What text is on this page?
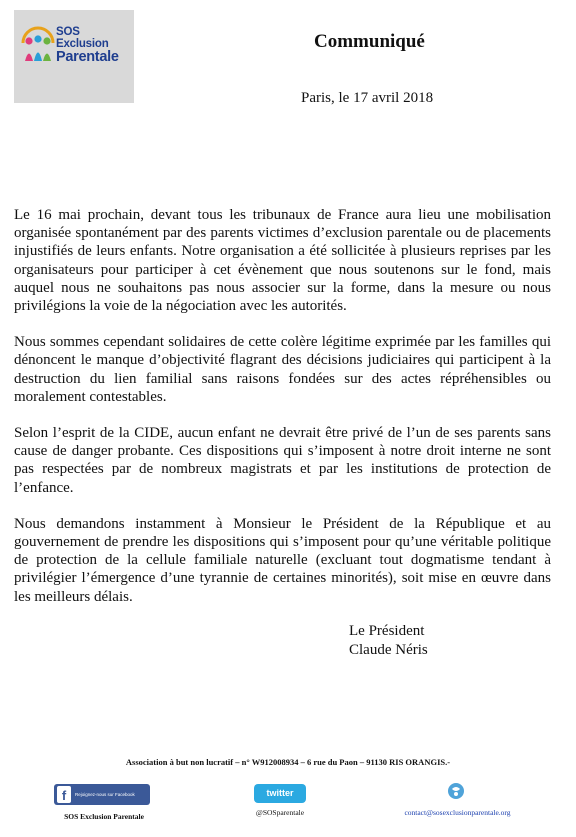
SOS
Exclusion
Parentale
Communiqué
Paris, le 17 avril 2018

Le 16 mai prochain, devant tous les tribunaux de France aura lieu une mobilisation organisée spontanément par des parents victimes d’exclusion parentale ou de placements injustifiés de leurs enfants. Notre organisation a été sollicitée à plusieurs reprises par les organisateurs pour participer à cet évènement que nous soutenons sur le fond, mais auquel nous ne souhaitons pas nous associer sur la forme, dans la mesure ou nous privilégions la voie de la négociation avec les autorités.

Nous sommes cependant solidaires de cette colère légitime exprimée par les familles qui dénoncent le manque d’objectivité flagrant des décisions judiciaires qui participent à la destruction du lien familial sans raisons fondées sur des actes répréhensibles ou moralement contestables.

Selon l’esprit de la CIDE, aucun enfant ne devrait être privé de l’un de ses parents sans cause de danger probante. Ces dispositions qui s’imposent à notre droit interne ne sont pas respectées par de nombreux magistrats et par les institutions de protection de l’enfance.

Nous demandons instamment à Monsieur le Président de la République et au gouvernement de prendre les dispositions qui s’imposent pour qu’une véritable politique de protection de la cellule familiale naturelle (excluant tout dogmatisme tendant à privilégier l’émergence d’une tyrannie de certaines minorités), soit mise en œuvre dans les meilleurs délais.

Le Président
Claude Néris
Association à but non lucratif – n° W912008934 – 6 rue du Paon – 91130 RIS ORANGIS.-
f	Rejoignez-nous sur Facebook
SOS Exclusion Parentale
twitter
@SOSparentale	contact@sosexclusionparentale.org
